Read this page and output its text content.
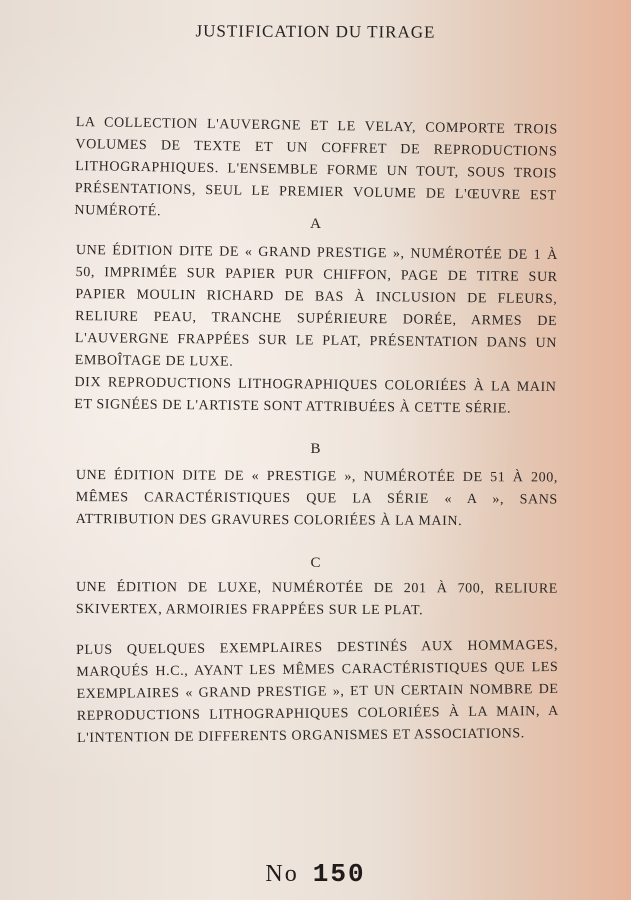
JUSTIFICATION DU TIRAGE

LA COLLECTION L'AUVERGNE ET LE VELAY, COMPORTE TROIS VOLUMES DE TEXTE ET UN COFFRET DE REPRODUCTIONS LITHOGRAPHIQUES. L'ENSEMBLE FORME UN TOUT, SOUS TROIS PRÉSENTATIONS, SEUL LE PREMIER VOLUME DE L'ŒUVRE EST NUMÉROTÉ.

A

UNE ÉDITION DITE DE « GRAND PRESTIGE », NUMÉROTÉE DE 1 À 50, IMPRIMÉE SUR PAPIER PUR CHIFFON, PAGE DE TITRE SUR PAPIER MOULIN RICHARD DE BAS À INCLUSION DE FLEURS, RELIURE PEAU, TRANCHE SUPÉRIEURE DORÉE, ARMES DE L'AUVERGNE FRAPPÉES SUR LE PLAT, PRÉSENTATION DANS UN EMBOÎTAGE DE LUXE.

DIX REPRODUCTIONS LITHOGRAPHIQUES COLORIÉES À LA MAIN ET SIGNÉES DE L'ARTISTE SONT ATTRIBUÉES À CETTE SÉRIE.

B

UNE ÉDITION DITE DE « PRESTIGE », NUMÉROTÉE DE 51 À 200, MÊMES CARACTÉRISTIQUES QUE LA SÉRIE « A », SANS ATTRIBUTION DES GRAVURES COLORIÉES À LA MAIN.

C

UNE ÉDITION DE LUXE, NUMÉROTÉE DE 201 À 700, RELIURE SKIVERTEX, ARMOIRIES FRAPPÉES SUR LE PLAT.

PLUS QUELQUES EXEMPLAIRES DESTINÉS AUX HOMMAGES, MARQUÉS H.C., AYANT LES MÊMES CARACTÉRISTIQUES QUE LES EXEMPLAIRES « GRAND PRESTIGE », ET UN CERTAIN NOMBRE DE REPRODUCTIONS LITHOGRAPHIQUES COLORIÉES À LA MAIN, A L'INTENTION DE DIFFERENTS ORGANISMES ET ASSOCIATIONS.

No 150
